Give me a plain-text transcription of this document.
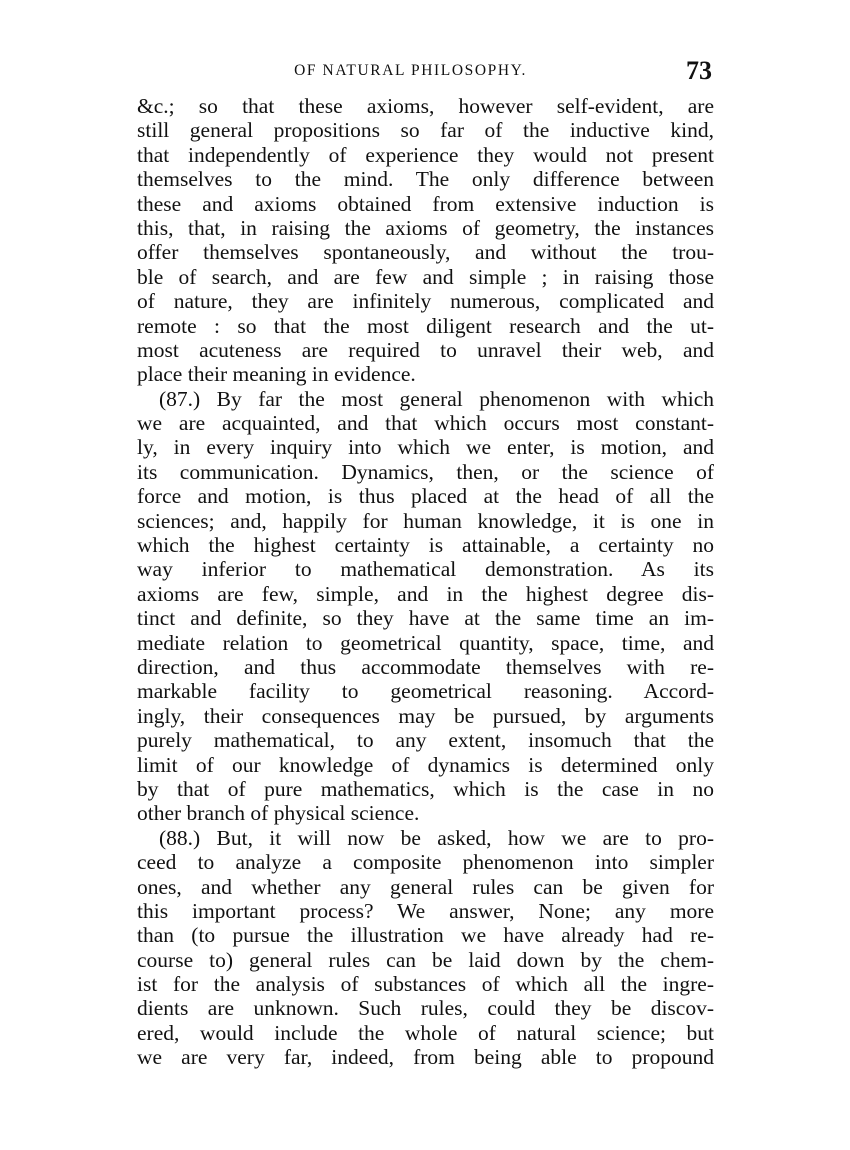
OF NATURAL PHILOSOPHY.	73
&c.; so that these axioms, however self-evident, are
still general propositions so far of the inductive kind,
that independently of experience they would not present
themselves to the mind. The only difference between
these and axioms obtained from extensive induction is
this, that, in raising the axioms of geometry, the instances
offer themselves spontaneously, and without the trou-
ble of search, and are few and simple ; in raising those
of nature, they are infinitely numerous, complicated and
remote : so that the most diligent research and the ut-
most acuteness are required to unravel their web, and
place their meaning in evidence.
(87.) By far the most general phenomenon with which
we are acquainted, and that which occurs most constant-
ly, in every inquiry into which we enter, is motion, and
its communication. Dynamics, then, or the science of
force and motion, is thus placed at the head of all the
sciences; and, happily for human knowledge, it is one in
which the highest certainty is attainable, a certainty no
way inferior to mathematical demonstration. As its
axioms are few, simple, and in the highest degree dis-
tinct and definite, so they have at the same time an im-
mediate relation to geometrical quantity, space, time, and
direction, and thus accommodate themselves with re-
markable facility to geometrical reasoning. Accord-
ingly, their consequences may be pursued, by arguments
purely mathematical, to any extent, insomuch that the
limit of our knowledge of dynamics is determined only
by that of pure mathematics, which is the case in no
other branch of physical science.
(88.) But, it will now be asked, how we are to pro-
ceed to analyze a composite phenomenon into simpler
ones, and whether any general rules can be given for
this important process? We answer, None; any more
than (to pursue the illustration we have already had re-
course to) general rules can be laid down by the chem-
ist for the analysis of substances of which all the ingre-
dients are unknown. Such rules, could they be discov-
ered, would include the whole of natural science; but
we are very far, indeed, from being able to propound
